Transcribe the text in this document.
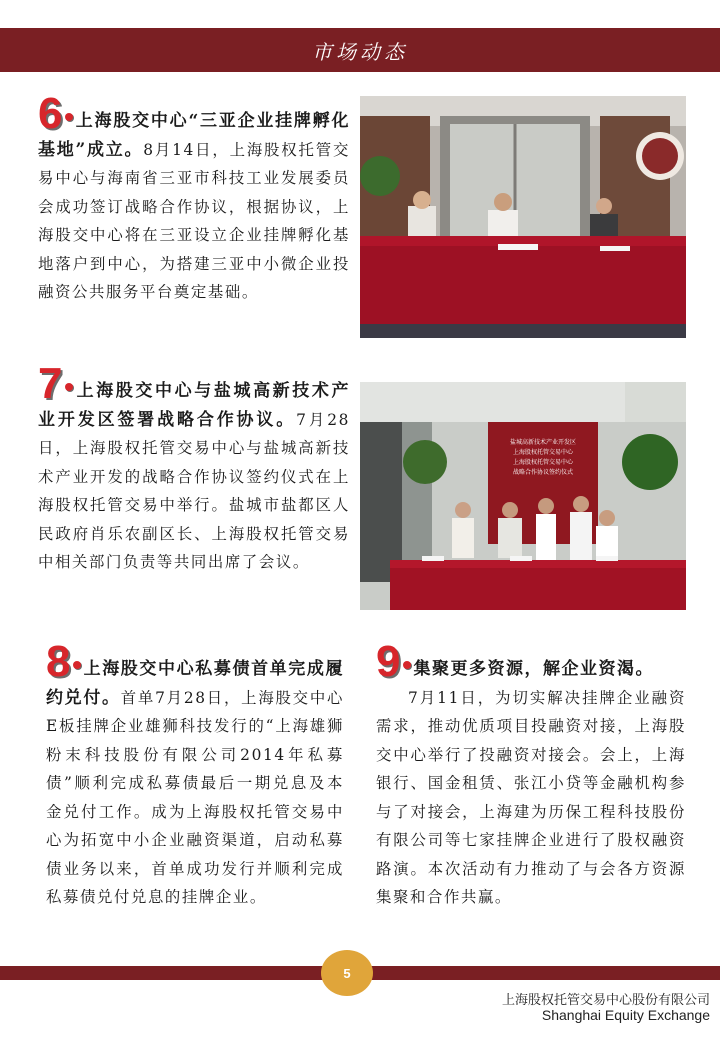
市场动态

6•上海股交中心“三亚企业挂牌孵化基地”成立。8月14日，上海股权托管交易中心与海南省三亚市科技工业发展委员会成功签订战略合作协议，根据协议，上海股交中心将在三亚设立企业挂牌孵化基地落户到中心，为搭建三亚中小微企业投融资公共服务平台奠定基础。

7•上海股交中心与盐城高新技术产业开发区签署战略合作协议。7月28日，上海股权托管交易中心与盐城高新技术产业开发的战略合作协议签约仪式在上海股权托管交易中举行。盐城市盐都区人民政府肖乐农副区长、上海股权托管交易中相关部门负责等共同出席了会议。

盐城高新技术产业开发区
上海股权托管交易中心
上海股权托管交易中心
战略合作协议签约仪式

8•上海股交中心私募债首单完成履约兑付。首单7月28日，上海股交中心E板挂牌企业雄狮科技发行的“上海雄狮粉末科技股份有限公司2014年私募债”顺利完成私募债最后一期兑息及本金兑付工作。成为上海股权托管交易中心为拓宽中小企业融资渠道，启动私募债业务以来，首单成功发行并顺利完成私募债兑付兑息的挂牌企业。

9•集聚更多资源，解企业资渴。
7月11日，为切实解决挂牌企业融资需求，推动优质项目投融资对接，上海股交中心举行了投融资对接会。会上，上海银行、国金租赁、张江小贷等金融机构参与了对接会，上海建为历保工程科技股份有限公司等七家挂牌企业进行了股权融资路演。本次活动有力推动了与会各方资源集聚和合作共赢。

5
上海股权托管交易中心股份有限公司
Shanghai Equity Exchange
